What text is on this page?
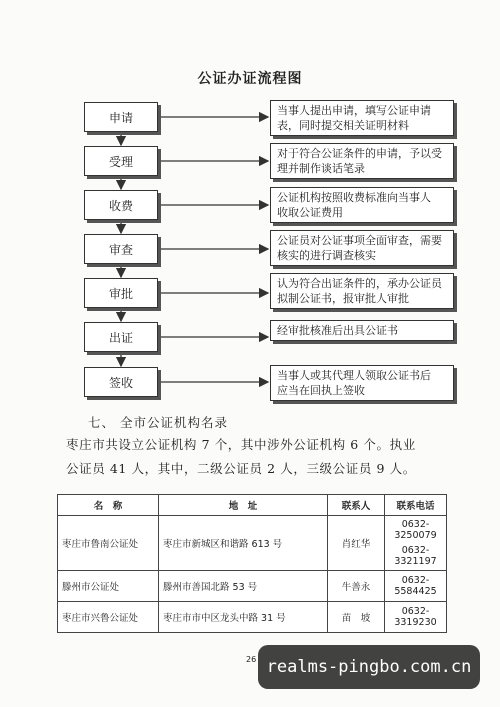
公证办证流程图
申请	当事人提出申请，填写公证申请
表，同时提交相关证明材料
受理
对于符合公证条件的申请，予以受
理并制作谈话笔录
收费
公证机构按照收费标准向当事人
收取公证费用
审查
公证员对公证事项全面审查，需要
核实的进行调查核实
审批
认为符合出证条件的，承办公证员
拟制公证书，报审批人审批
出证	经审批核准后出具公证书
签收	当事人或其代理人领取公证书后
应当在回执上签收
七、 全市公证机构名录
枣庄市共设立公证机构 7 个，其中涉外公证机构 6 个。执业
公证员 41 人，其中，二级公证员 2 人，三级公证员 9 人。
名　称	地　址	联系人	联系电话
枣庄市鲁南公证处	枣庄市新城区和谐路 613 号	肖红华	0632-3250079
0632-3321197

滕州市公证处	滕州市善国北路 53 号	牛善永	0632-5584425
枣庄市兴鲁公证处	枣庄市市中区龙头中路 31 号	苗　坡	0632-3319230
26 realms-pingbo.com.cn
